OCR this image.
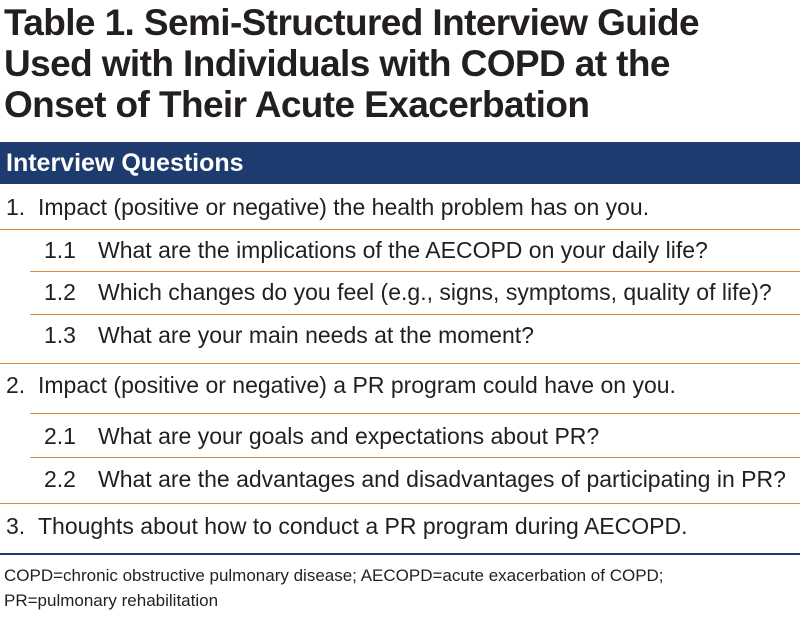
Table 1. Semi-Structured Interview Guide
Used with Individuals with COPD at the
Onset of Their Acute Exacerbation
Interview Questions
1. Impact (positive or negative) the health problem has on you.
1.1 What are the implications of the AECOPD on your daily life?
1.2 Which changes do you feel (e.g., signs, symptoms, quality of life)?
1.3 What are your main needs at the moment?
2. Impact (positive or negative) a PR program could have on you.
2.1 What are your goals and expectations about PR?
2.2 What are the advantages and disadvantages of participating in PR?
3. Thoughts about how to conduct a PR program during AECOPD.
COPD=chronic obstructive pulmonary disease; AECOPD=acute exacerbation of COPD;
PR=pulmonary rehabilitation
